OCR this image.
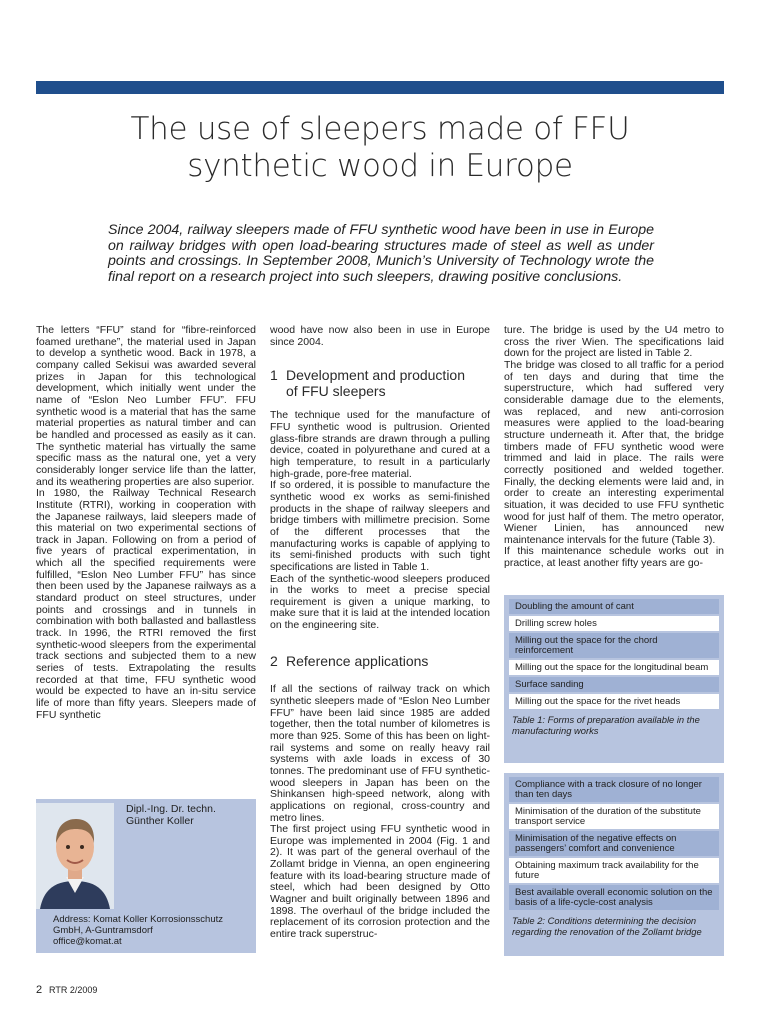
The use of sleepers made of FFU
synthetic wood in Europe

Since 2004, railway sleepers made of FFU synthetic wood have been in use in Europe on railway bridges with open load-bearing structures made of steel as well as under points and crossings. In September 2008, Munich’s University of Technology wrote the final report on a research project into such sleepers, drawing positive conclusions.

The letters “FFU” stand for “fibre-reinforced foamed urethane”, the material used in Japan to develop a synthetic wood. Back in 1978, a company called Sekisui was awarded several prizes in Japan for this technological development, which initially went under the name of “Eslon Neo Lumber FFU”. FFU synthetic wood is a material that has the same material properties as natural timber and can be handled and processed as easily as it can. The synthetic material has virtually the same specific mass as the natural one, yet a very considerably longer service life than the latter, and its weathering properties are also superior.

In 1980, the Railway Technical Research Institute (RTRI), working in cooperation with the Japanese railways, laid sleepers made of this material on two experimental sections of track in Japan. Following on from a period of five years of practical experimentation, in which all the specified requirements were fulfilled, “Eslon Neo Lumber FFU” has since then been used by the Japanese railways as a standard product on steel structures, under points and crossings and in tunnels in combination with both ballasted and ballastless track. In 1996, the RTRI removed the first synthetic-wood sleepers from the experimental track sections and subjected them to a new series of tests. Extrapolating the results recorded at that time, FFU synthetic wood would be expected to have an in-situ service life of more than fifty years. Sleepers made of FFU synthetic

wood have now also been in use in Europe since 2004.

1 Development and production
of FFU sleepers

The technique used for the manufacture of FFU synthetic wood is pultrusion. Oriented glass-fibre strands are drawn through a pulling device, coated in polyurethane and cured at a high temperature, to result in a particularly high-grade, pore-free material.

If so ordered, it is possible to manufacture the synthetic wood ex works as semi-finished products in the shape of railway sleepers and bridge timbers with millimetre precision. Some of the different processes that the manufacturing works is capable of applying to its semi-finished products with such tight specifications are listed in Table 1.

Each of the synthetic-wood sleepers produced in the works to meet a precise special requirement is given a unique marking, to make sure that it is laid at the intended location on the engineering site.

2 Reference applications

If all the sections of railway track on which synthetic sleepers made of “Eslon Neo Lumber FFU” have been laid since 1985 are added together, then the total number of kilometres is more than 925. Some of this has been on light-rail systems and some on really heavy rail systems with axle loads in excess of 30 tonnes. The predominant use of FFU synthetic-wood sleepers in Japan has been on the Shinkansen high-speed network, along with applications on regional, cross-country and metro lines.

The first project using FFU synthetic wood in Europe was implemented in 2004 (Fig. 1 and 2). It was part of the general overhaul of the Zollamt bridge in Vienna, an open engineering feature with its load-bearing structure made of steel, which had been designed by Otto Wagner and built originally between 1896 and 1898. The overhaul of the bridge included the replacement of its corrosion protection and the entire track superstruc-

ture. The bridge is used by the U4 metro to cross the river Wien. The specifications laid down for the project are listed in Table 2.

The bridge was closed to all traffic for a period of ten days and during that time the superstructure, which had suffered very considerable damage due to the elements, was replaced, and new anti-corrosion measures were applied to the load-bearing structure underneath it. After that, the bridge timbers made of FFU synthetic wood were trimmed and laid in place. The rails were correctly positioned and welded together. Finally, the decking elements were laid and, in order to create an interesting experimental situation, it was decided to use FFU synthetic wood for just half of them. The metro operator, Wiener Linien, has announced new maintenance intervals for the future (Table 3).

If this maintenance schedule works out in practice, at least another fifty years are go-

Doubling the amount of cant
Drilling screw holes
Milling out the space for the chord reinforcement
Milling out the space for the longitudinal beam
Surface sanding
Milling out the space for the rivet heads
Table 1: Forms of preparation available in the manufacturing works
Compliance with a track closure of no longer than ten days
Minimisation of the duration of the substitute transport service
Minimisation of the negative effects on passengers’ comfort and convenience
Obtaining maximum track availability for the future
Best available overall economic solution on the basis of a life-cycle-cost analysis
Table 2: Conditions determining the decision regarding the renovation of the Zollamt bridge
Dipl.-Ing. Dr. techn.
Günther Koller
Address: Komat Koller Korrosionsschutz GmbH, A-Guntramsdorf
office@komat.at
2 RTR 2/2009
